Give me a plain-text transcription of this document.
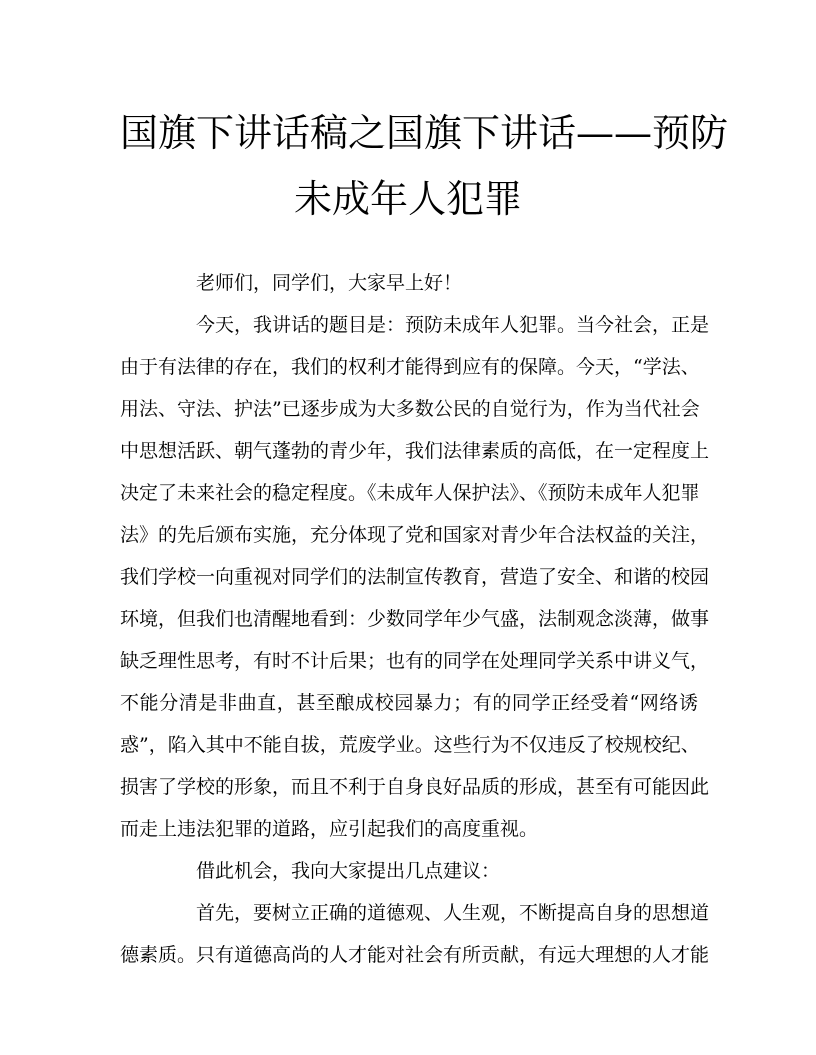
国旗下讲话稿之国旗下讲话——预防
未成年人犯罪
老师们，同学们，大家早上好！
今天，我讲话的题目是：预防未成年人犯罪。当今社会，正是
由于有法律的存在，我们的权利才能得到应有的保障。今天，“学法、
用法、守法、护法”已逐步成为大多数公民的自觉行为，作为当代社会
中思想活跃、朝气蓬勃的青少年，我们法律素质的高低，在一定程度上
决定了未来社会的稳定程度。《未成年人保护法》、《预防未成年人犯罪
法》的先后颁布实施，充分体现了党和国家对青少年合法权益的关注，
我们学校一向重视对同学们的法制宣传教育，营造了安全、和谐的校园
环境，但我们也清醒地看到：少数同学年少气盛，法制观念淡薄，做事
缺乏理性思考，有时不计后果；也有的同学在处理同学关系中讲义气，
不能分清是非曲直，甚至酿成校园暴力；有的同学正经受着“网络诱
惑”，陷入其中不能自拔，荒废学业。这些行为不仅违反了校规校纪、
损害了学校的形象，而且不利于自身良好品质的形成，甚至有可能因此
而走上违法犯罪的道路，应引起我们的高度重视。
借此机会，我向大家提出几点建议：
首先，要树立正确的道德观、人生观，不断提高自身的思想道
德素质。只有道德高尚的人才能对社会有所贡献，有远大理想的人才能
